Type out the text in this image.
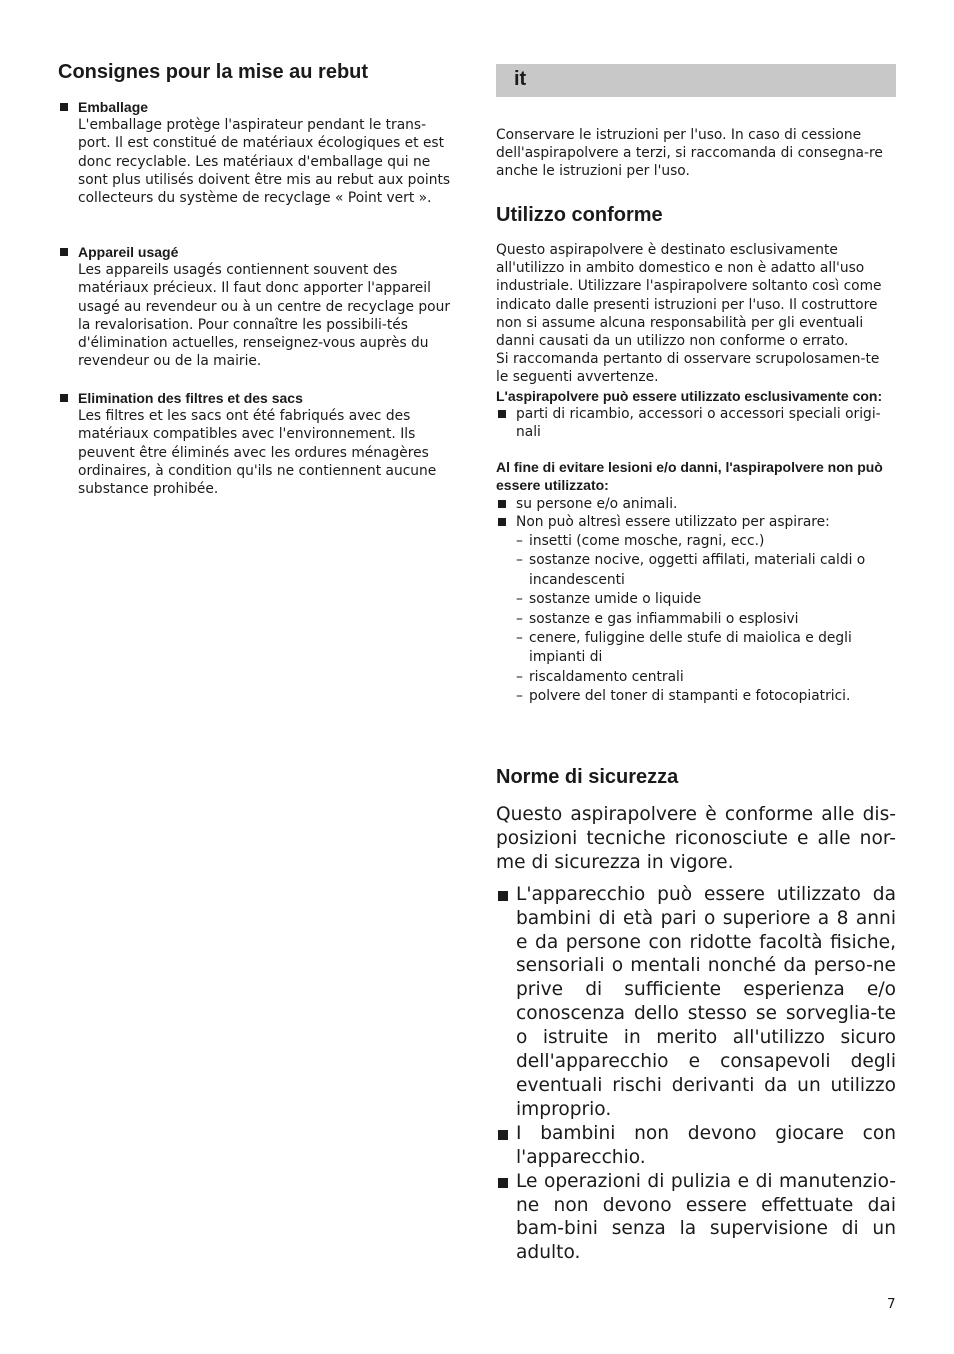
Consignes pour la mise au rebut
Emballage
L'emballage protège l'aspirateur pendant le trans-port. Il est constitué de matériaux écologiques et est donc recyclable. Les matériaux d'emballage qui ne sont plus utilisés doivent être mis au rebut aux points collecteurs du système de recyclage « Point vert ».
Appareil usagé
Les appareils usagés contiennent souvent des matériaux précieux. Il faut donc apporter l'appareil usagé au revendeur ou à un centre de recyclage pour la revalorisation. Pour connaître les possibili-tés d'élimination actuelles, renseignez-vous auprès du revendeur ou de la mairie.
Elimination des filtres et des sacs
Les filtres et les sacs ont été fabriqués avec des matériaux compatibles avec l'environnement. Ils peuvent être éliminés avec les ordures ménagères ordinaires, à condition qu'ils ne contiennent aucune substance prohibée.
it
Conservare le istruzioni per l'uso. In caso di cessione dell'aspirapolvere a terzi, si raccomanda di consegna-re anche le istruzioni per l'uso.
Utilizzo conforme
Questo aspirapolvere è destinato esclusivamente all'utilizzo in ambito domestico e non è adatto all'uso industriale. Utilizzare l'aspirapolvere soltanto così come indicato dalle presenti istruzioni per l'uso. Il costruttore non si assume alcuna responsabilità per gli eventuali danni causati da un utilizzo non conforme o errato.
Si raccomanda pertanto di osservare scrupolosamen-te le seguenti avvertenze.
L'aspirapolvere può essere utilizzato esclusivamente con:
parti di ricambio, accessori o accessori speciali origi-nali
Al fine di evitare lesioni e/o danni, l'aspirapolvere non può essere utilizzato:
su persone e/o animali.
Non può altresì essere utilizzato per aspirare:
– insetti (come mosche, ragni, ecc.)
– sostanze nocive, oggetti affilati, materiali caldi o incandescenti
– sostanze umide o liquide
– sostanze e gas infiammabili o esplosivi
– cenere, fuliggine delle stufe di maiolica e degli impianti di
– riscaldamento centrali
– polvere del toner di stampanti e fotocopiatrici.
Norme di sicurezza
Questo aspirapolvere è conforme alle dis-posizioni tecniche riconosciute e alle nor-me di sicurezza in vigore.
L'apparecchio può essere utilizzato da bambini di età pari o superiore a 8 anni e da persone con ridotte facoltà fisiche, sensoriali o mentali nonché da perso-ne prive di sufficiente esperienza e/o conoscenza dello stesso se sorveglia-te o istruite in merito all'utilizzo sicuro dell'apparecchio e consapevoli degli eventuali rischi derivanti da un utilizzo improprio.
I bambini non devono giocare con l'apparecchio.
Le operazioni di pulizia e di manutenzio-ne non devono essere effettuate dai bam-bini senza la supervisione di un adulto.
7
